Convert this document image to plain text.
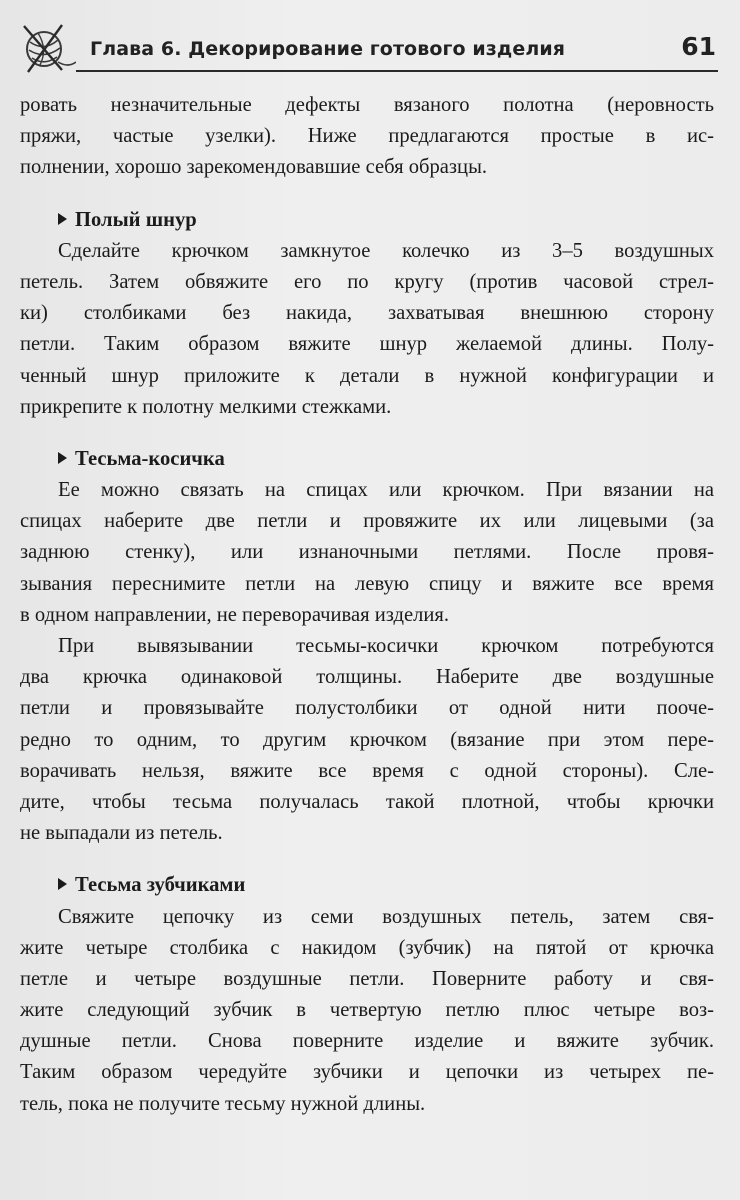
Глава 6. Декорирование готового изделия	61
ровать незначительные дефекты вязаного полотна (неровность
пряжи, частые узелки). Ниже предлагаются простые в ис-
полнении, хорошо зарекомендовавшие себя образцы.
Полый шнур
Сделайте крючком замкнутое колечко из 3–5 воздушных
петель. Затем обвяжите его по кругу (против часовой стрел-
ки) столбиками без накида, захватывая внешнюю сторону
петли. Таким образом вяжите шнур желаемой длины. Полу-
ченный шнур приложите к детали в нужной конфигурации и
прикрепите к полотну мелкими стежками.
Тесьма-косичка
Ее можно связать на спицах или крючком. При вязании на
спицах наберите две петли и провяжите их или лицевыми (за
заднюю стенку), или изнаночными петлями. После провя-
зывания переснимите петли на левую спицу и вяжите все время
в одном направлении, не переворачивая изделия.
При вывязывании тесьмы-косички крючком потребуются
два крючка одинаковой толщины. Наберите две воздушные
петли и провязывайте полустолбики от одной нити пооче-
редно то одним, то другим крючком (вязание при этом пере-
ворачивать нельзя, вяжите все время с одной стороны). Сле-
дите, чтобы тесьма получалась такой плотной, чтобы крючки
не выпадали из петель.
Тесьма зубчиками
Свяжите цепочку из семи воздушных петель, затем свя-
жите четыре столбика с накидом (зубчик) на пятой от крючка
петле и четыре воздушные петли. Поверните работу и свя-
жите следующий зубчик в четвертую петлю плюс четыре воз-
душные петли. Снова поверните изделие и вяжите зубчик.
Таким образом чередуйте зубчики и цепочки из четырех пе-
тель, пока не получите тесьму нужной длины.
